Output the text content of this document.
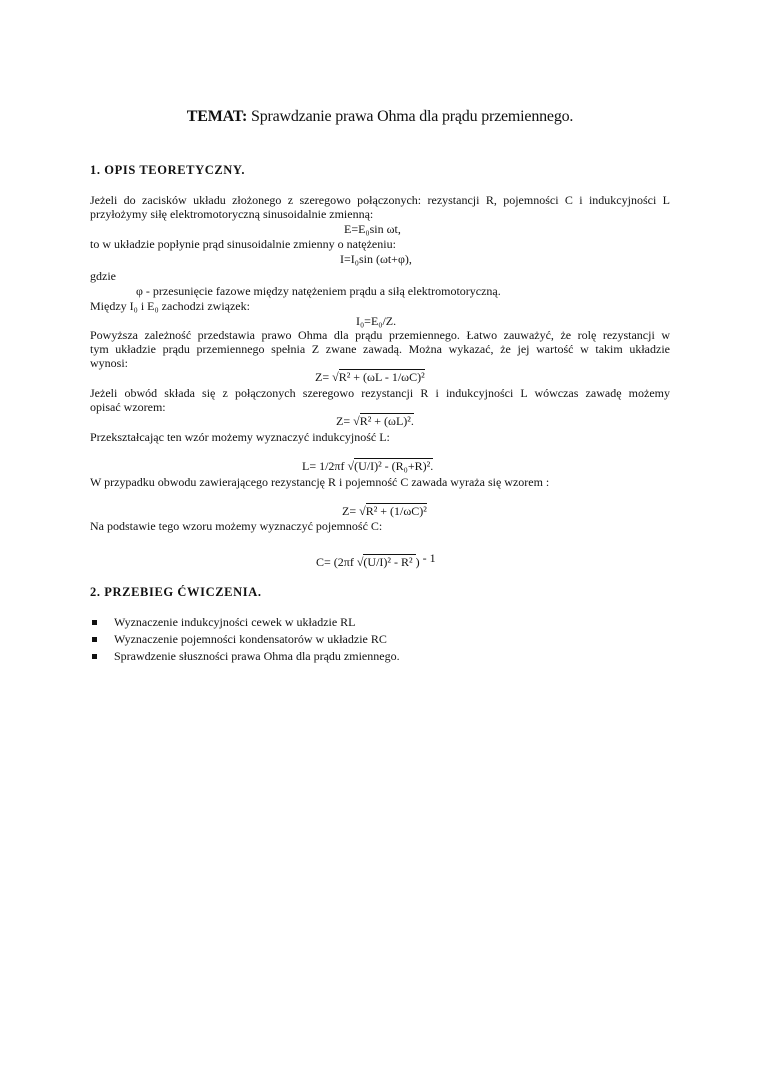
TEMAT: Sprawdzanie prawa Ohma dla prądu przemiennego.
1. OPIS TEORETYCZNY.
Jeżeli do zacisków układu złożonego z szeregowo połączonych: rezystancji R, pojemności C i indukcyjności L
przyłożymy siłę elektromotoryczną sinusoidalnie zmienną:
E=E₀sin ωt,
to w układzie popłynie prąd sinusoidalnie zmienny o natężeniu:
I=I₀sin (ωt+φ),
gdzie
φ - przesunięcie fazowe między natężeniem prądu a siłą elektromotoryczną.
Między I₀ i E₀ zachodzi związek:
I₀=E₀/Z.
Powyższa zależność przedstawia prawo Ohma dla prądu przemiennego. Łatwo zauważyć, że rolę rezystancji w
tym układzie prądu przemiennego spełnia Z zwane zawadą. Można wykazać, że jej wartość w takim układzie
wynosi:
Z= √R² + (ωL - 1/ωC)²
Jeżeli obwód składa się z połączonych szeregowo rezystancji R i indukcyjności L wówczas zawadę możemy
opisać wzorem:
Z= √R² + (ωL)².
Przekształcając ten wzór możemy wyznaczyć indukcyjność L:
L= 1/2πf √(U/I)² - (R₀+R)².
W przypadku obwodu zawierającego rezystancję R i pojemność C zawada wyraża się wzorem :
Z= √R² + (1/ωC)²
Na podstawie tego wzoru możemy wyznaczyć pojemność C:
C= (2πf √(U/I)² - R² ) - 1
2. PRZEBIEG ĆWICZENIA.
Wyznaczenie indukcyjności cewek w układzie RL
Wyznaczenie pojemności kondensatorów w układzie RC
Sprawdzenie słuszności prawa Ohma dla prądu zmiennego.
